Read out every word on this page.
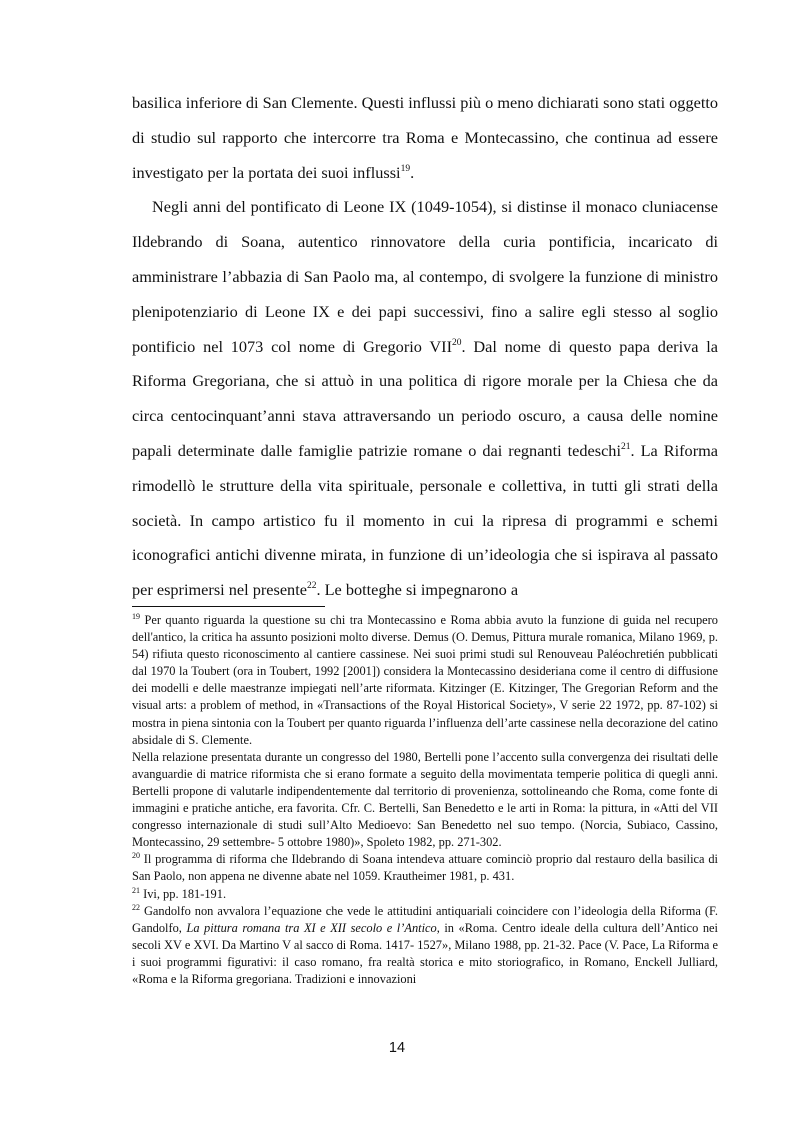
basilica inferiore di San Clemente. Questi influssi più o meno dichiarati sono stati oggetto di studio sul rapporto che intercorre tra Roma e Montecassino, che continua ad essere investigato per la portata dei suoi influssi$^{19}$.

Negli anni del pontificato di Leone IX (1049-1054), si distinse il monaco cluniacense Ildebrando di Soana, autentico rinnovatore della curia pontificia, incaricato di amministrare l’abbazia di San Paolo ma, al contempo, di svolgere la funzione di ministro plenipotenziario di Leone IX e dei papi successivi, fino a salire egli stesso al soglio pontificio nel 1073 col nome di Gregorio VII$^{20}$. Dal nome di questo papa deriva la Riforma Gregoriana, che si attuò in una politica di rigore morale per la Chiesa che da circa centocinquant’anni stava attraversando un periodo oscuro, a causa delle nomine papali determinate dalle famiglie patrizie romane o dai regnanti tedeschi$^{21}$. La Riforma rimodellò le strutture della vita spirituale, personale e collettiva, in tutti gli strati della società. In campo artistico fu il momento in cui la ripresa di programmi e schemi iconografici antichi divenne mirata, in funzione di un’ideologia che si ispirava al passato per esprimersi nel presente$^{22}$. Le botteghe si impegnarono a

$^{19}$ Per quanto riguarda la questione su chi tra Montecassino e Roma abbia avuto la funzione di guida nel recupero dell'antico, la critica ha assunto posizioni molto diverse. Demus (O. Demus, Pittura murale romanica, Milano 1969, p. 54) rifiuta questo riconoscimento al cantiere cassinese. Nei suoi primi studi sul Renouveau Paléochretién pubblicati dal 1970 la Toubert (ora in Toubert, 1992 [2001]) considera la Montecassino desideriana come il centro di diffusione dei modelli e delle maestranze impiegati nell’arte riformata. Kitzinger (E. Kitzinger, The Gregorian Reform and the visual arts: a problem of method, in «Transactions of the Royal Historical Society», V serie 22 1972, pp. 87-102) si mostra in piena sintonia con la Toubert per quanto riguarda l’influenza dell’arte cassinese nella decorazione del catino absidale di S. Clemente.

Nella relazione presentata durante un congresso del 1980, Bertelli pone l’accento sulla convergenza dei risultati delle avanguardie di matrice riformista che si erano formate a seguito della movimentata temperie politica di quegli anni. Bertelli propone di valutarle indipendentemente dal territorio di provenienza, sottolineando che Roma, come fonte di immagini e pratiche antiche, era favorita. Cfr. C. Bertelli, San Benedetto e le arti in Roma: la pittura, in «Atti del VII congresso internazionale di studi sull’Alto Medioevo: San Benedetto nel suo tempo. (Norcia, Subiaco, Cassino, Montecassino, 29 settembre- 5 ottobre 1980)», Spoleto 1982, pp. 271-302.

$^{20}$ Il programma di riforma che Ildebrando di Soana intendeva attuare cominciò proprio dal restauro della basilica di San Paolo, non appena ne divenne abate nel 1059. Krautheimer 1981, p. 431.

$^{21}$ Ivi, pp. 181-191.

$^{22}$ Gandolfo non avvalora l’equazione che vede le attitudini antiquariali coincidere con l’ideologia della Riforma (F. Gandolfo, La pittura romana tra XI e XII secolo e l’Antico, in «Roma. Centro ideale della cultura dell’Antico nei secoli XV e XVI. Da Martino V al sacco di Roma. 1417- 1527», Milano 1988, pp. 21-32. Pace (V. Pace, La Riforma e i suoi programmi figurativi: il caso romano, fra realtà storica e mito storiografico, in Romano, Enckell Julliard, «Roma e la Riforma gregoriana. Tradizioni e innovazioni

14
